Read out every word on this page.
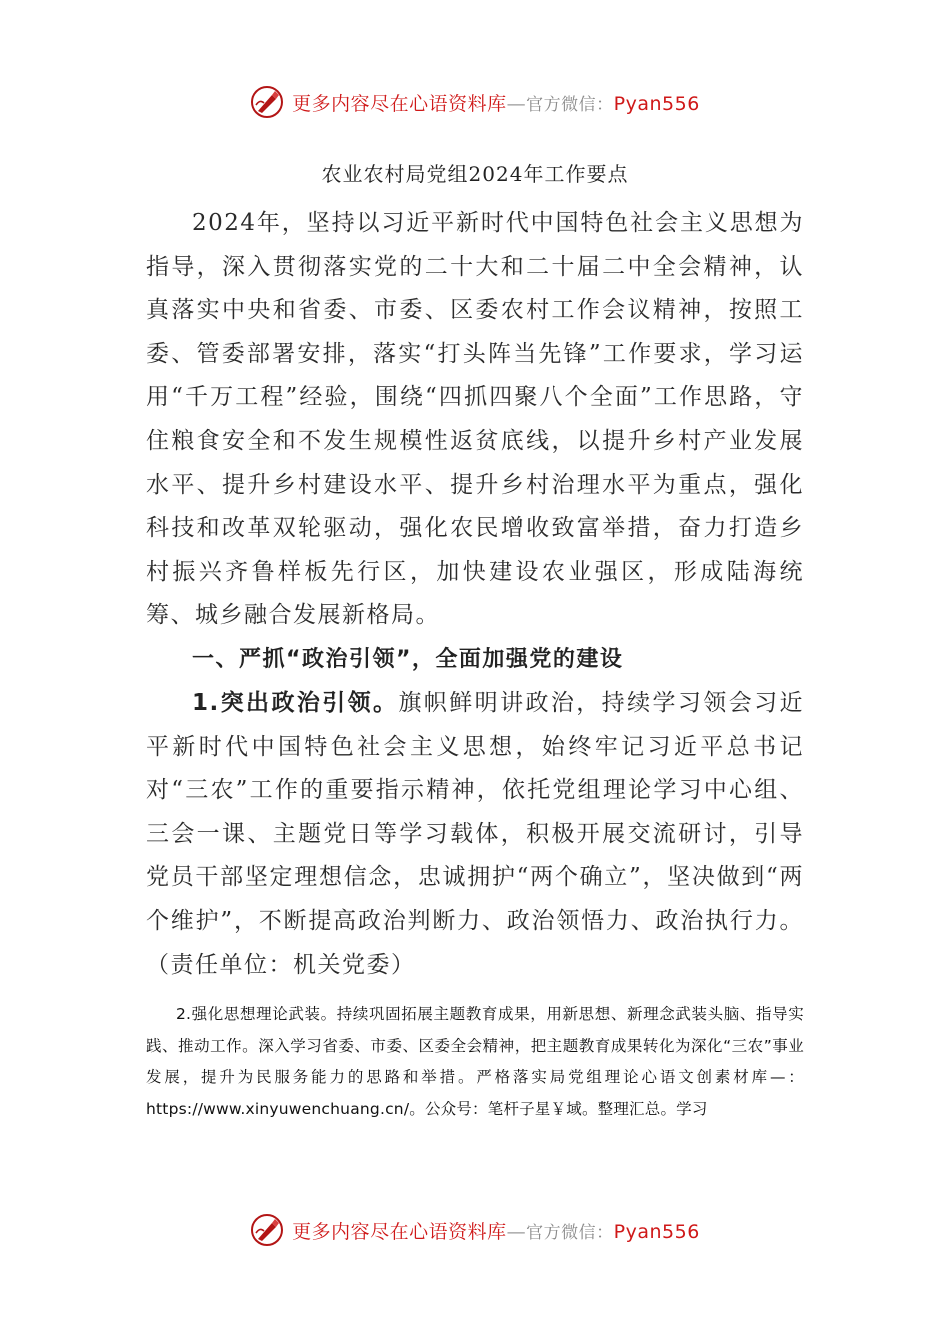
更多内容尽在心语资料库—官方微信：Pyan556
农业农村局党组2024年工作要点

2024年，坚持以习近平新时代中国特色社会主义思想为指导，深入贯彻落实党的二十大和二十届二中全会精神，认真落实中央和省委、市委、区委农村工作会议精神，按照工委、管委部署安排，落实“打头阵当先锋”工作要求，学习运用“千万工程”经验，围绕“四抓四聚八个全面”工作思路，守住粮食安全和不发生规模性返贫底线，以提升乡村产业发展水平、提升乡村建设水平、提升乡村治理水平为重点，强化科技和改革双轮驱动，强化农民增收致富举措，奋力打造乡村振兴齐鲁样板先行区，加快建设农业强区，形成陆海统筹、城乡融合发展新格局。

一、严抓“政治引领”，全面加强党的建设

1.突出政治引领。旗帜鲜明讲政治，持续学习领会习近平新时代中国特色社会主义思想，始终牢记习近平总书记对“三农”工作的重要指示精神，依托党组理论学习中心组、三会一课、主题党日等学习载体，积极开展交流研讨，引导党员干部坚定理想信念，忠诚拥护“两个确立”，坚决做到“两个维护”，不断提高政治判断力、政治领悟力、政治执行力。（责任单位：机关党委）

2.强化思想理论武装。持续巩固拓展主题教育成果，用新思想、新理念武装头脑、指导实践、推动工作。深入学习省委、市委、区委全会精神，把主题教育成果转化为深化“三农”事业发展，提升为民服务能力的思路和举措。严格落实局党组理论心语文创素材库—：https://www.xinyuwenchuang.cn/。公众号：笔杆子星￥域。整理汇总。学习

更多内容尽在心语资料库—官方微信：Pyan556
